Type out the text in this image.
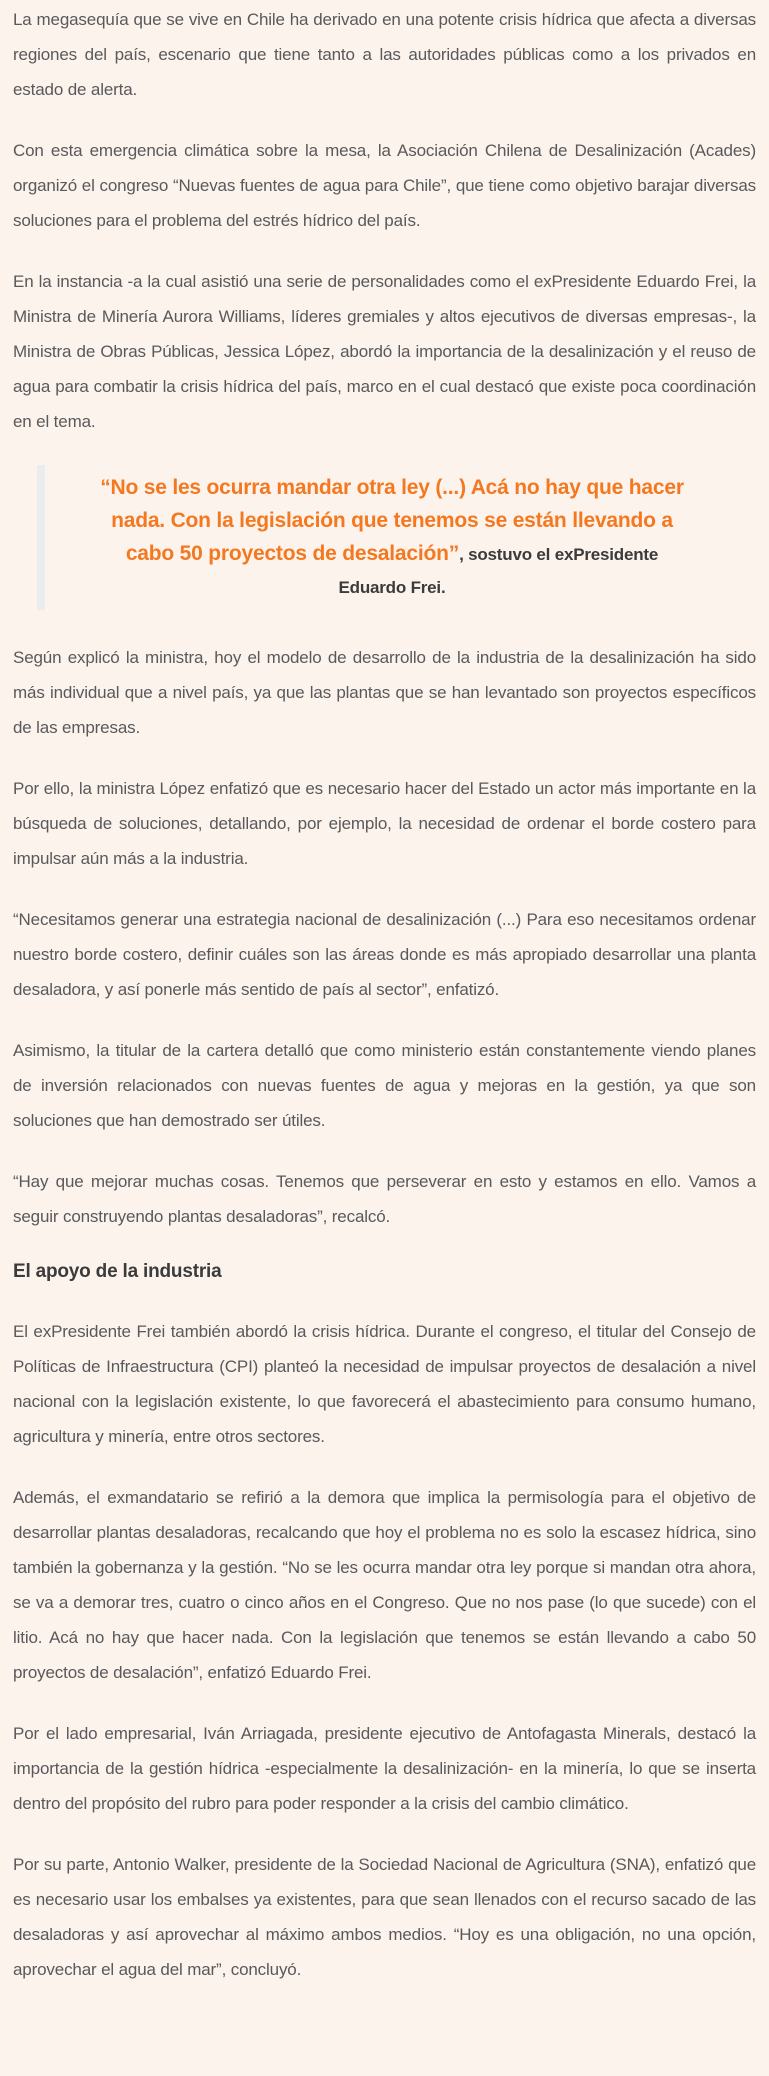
La megasequía que se vive en Chile ha derivado en una potente crisis hídrica que afecta a diversas regiones del país, escenario que tiene tanto a las autoridades públicas como a los privados en estado de alerta.

Con esta emergencia climática sobre la mesa, la Asociación Chilena de Desalinización (Acades) organizó el congreso “Nuevas fuentes de agua para Chile”, que tiene como objetivo barajar diversas soluciones para el problema del estrés hídrico del país.

En la instancia -a la cual asistió una serie de personalidades como el exPresidente Eduardo Frei, la Ministra de Minería Aurora Williams, líderes gremiales y altos ejecutivos de diversas empresas-, la Ministra de Obras Públicas, Jessica López, abordó la importancia de la desalinización y el reuso de agua para combatir la crisis hídrica del país, marco en el cual destacó que existe poca coordinación en el tema.

“No se les ocurra mandar otra ley (...) Acá no hay que hacer nada. Con la legislación que tenemos se están llevando a cabo 50 proyectos de desalación”, sostuvo el exPresidente Eduardo Frei.

Según explicó la ministra, hoy el modelo de desarrollo de la industria de la desalinización ha sido más individual que a nivel país, ya que las plantas que se han levantado son proyectos específicos de las empresas.

Por ello, la ministra López enfatizó que es necesario hacer del Estado un actor más importante en la búsqueda de soluciones, detallando, por ejemplo, la necesidad de ordenar el borde costero para impulsar aún más a la industria.

“Necesitamos generar una estrategia nacional de desalinización (...) Para eso necesitamos ordenar nuestro borde costero, definir cuáles son las áreas donde es más apropiado desarrollar una planta desaladora, y así ponerle más sentido de país al sector”, enfatizó.

Asimismo, la titular de la cartera detalló que como ministerio están constantemente viendo planes de inversión relacionados con nuevas fuentes de agua y mejoras en la gestión, ya que son soluciones que han demostrado ser útiles.

“Hay que mejorar muchas cosas. Tenemos que perseverar en esto y estamos en ello. Vamos a seguir construyendo plantas desaladoras”, recalcó.

El apoyo de la industria

El exPresidente Frei también abordó la crisis hídrica. Durante el congreso, el titular del Consejo de Políticas de Infraestructura (CPI) planteó la necesidad de impulsar proyectos de desalación a nivel nacional con la legislación existente, lo que favorecerá el abastecimiento para consumo humano, agricultura y minería, entre otros sectores.

Además, el exmandatario se refirió a la demora que implica la permisología para el objetivo de desarrollar plantas desaladoras, recalcando que hoy el problema no es solo la escasez hídrica, sino también la gobernanza y la gestión. “No se les ocurra mandar otra ley porque si mandan otra ahora, se va a demorar tres, cuatro o cinco años en el Congreso. Que no nos pase (lo que sucede) con el litio. Acá no hay que hacer nada. Con la legislación que tenemos se están llevando a cabo 50 proyectos de desalación”, enfatizó Eduardo Frei.

Por el lado empresarial, Iván Arriagada, presidente ejecutivo de Antofagasta Minerals, destacó la importancia de la gestión hídrica -especialmente la desalinización- en la minería, lo que se inserta dentro del propósito del rubro para poder responder a la crisis del cambio climático.

Por su parte, Antonio Walker, presidente de la Sociedad Nacional de Agricultura (SNA), enfatizó que es necesario usar los embalses ya existentes, para que sean llenados con el recurso sacado de las desaladoras y así aprovechar al máximo ambos medios. “Hoy es una obligación, no una opción, aprovechar el agua del mar”, concluyó.
